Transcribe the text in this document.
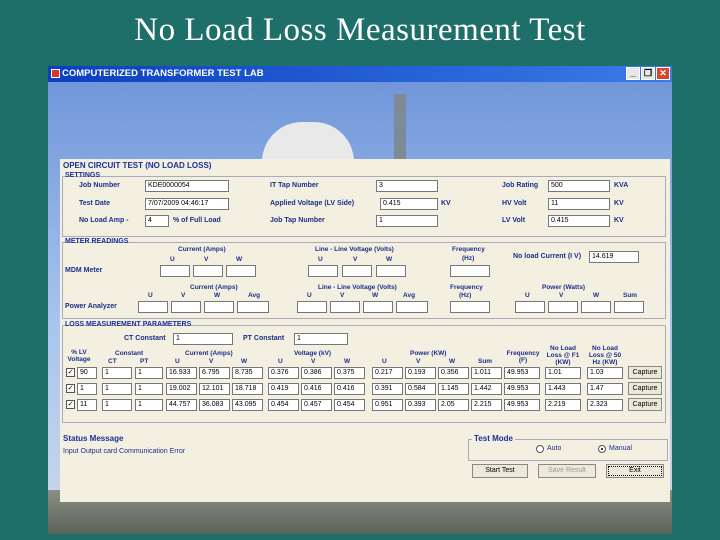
No Load Loss Measurement Test
COMPUTERIZED TRANSFORMER TEST LAB	_ ❐ ✕
OPEN CIRCUIT TEST (NO LOAD LOSS)
SETTINGS
Job Number	KDE0000054
Test Date	7/07/2009 04:46:17
No Load Amp -	4	% of Full Load
IT Tap Number	3
Applied Voltage (LV Side)	0.415	KV
Job Tap Number	1
Job Rating	500	KVA
HV Volt	11	KV
LV Volt	0.415	KV
METER READINGS
Current (Amps)
U	V	W
MDM Meter
Line - Line Voltage (Volts)
U	V	W
Frequency
(Hz)	No load Current (I V)	14.619
Current (Amps)
U	V	W	Avg
Power Analyzer
Line - Line Voltage (Volts)
U	V	W	Avg
Frequency
(Hz)
Power (Watts)
U	V	W	Sum
LOSS MEASUREMENT PARAMETERS
CT Constant	1	PT Constant	1
% LV Voltage
Constant
CT	PT
Current (Amps)
U	V	W
Voltage (kV)
U	V	W
Power (KW)
U	V	W	Sum
Frequency (F)
No Load Loss @ F1 (KW)
No Load Loss @ 50 Hz (KW)
Status Message
Input Output card Communication Error
Test Mode
Auto	Manual
Start Test	Save Result	Exit
✓ 90	1	1	16.933	6.795	8.735	0.376	0.386	0.375	0.217	0.193	0.356	1.011	49.953	1.01	1.03	Capture
✓ 1	1	1	19.002	12.101	18.718	0.419	0.416	0.416	0.391	0.584	1.145	1.442	49.953	1.443	1.47	Capture
✓ 11	1	1	44.757	36.083	43.095	0.454	0.457	0.454	0.951	0.393	2.05	2.215	49.953	2.219	2.323	Capture
